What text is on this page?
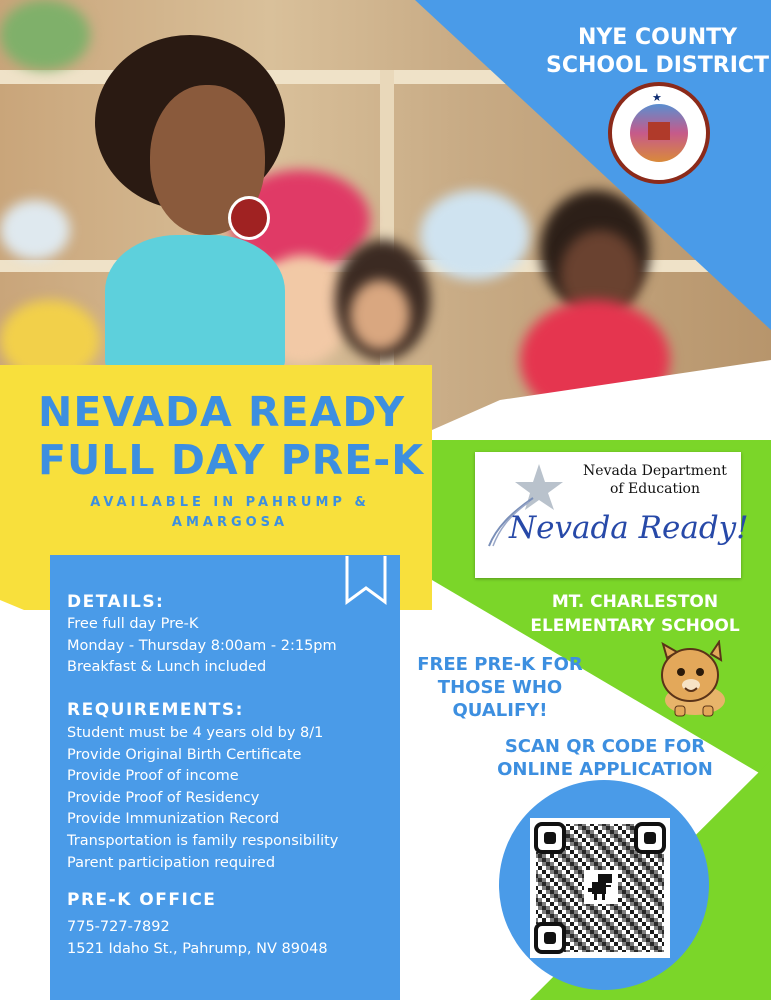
NYE COUNTY
SCHOOL DISTRICT
★
NEVADA READY
FULL DAY PRE-K
AVAILABLE IN PAHRUMP & AMARGOSA
DETAILS:
Free full day Pre-K
Monday - Thursday 8:00am - 2:15pm
Breakfast & Lunch included
REQUIREMENTS:
Student must be 4 years old by 8/1
Provide Original Birth Certificate
Provide Proof of income
Provide Proof of Residency
Provide Immunization Record
Transportation is family responsibility
Parent participation required
PRE-K OFFICE
775-727-7892
1521 Idaho St., Pahrump, NV 89048
Nevada Department
of Education
Nevada Ready!
MT. CHARLESTON
ELEMENTARY SCHOOL
FREE PRE-K FOR
THOSE WHO
QUALIFY!
SCAN QR CODE FOR
ONLINE APPLICATION
